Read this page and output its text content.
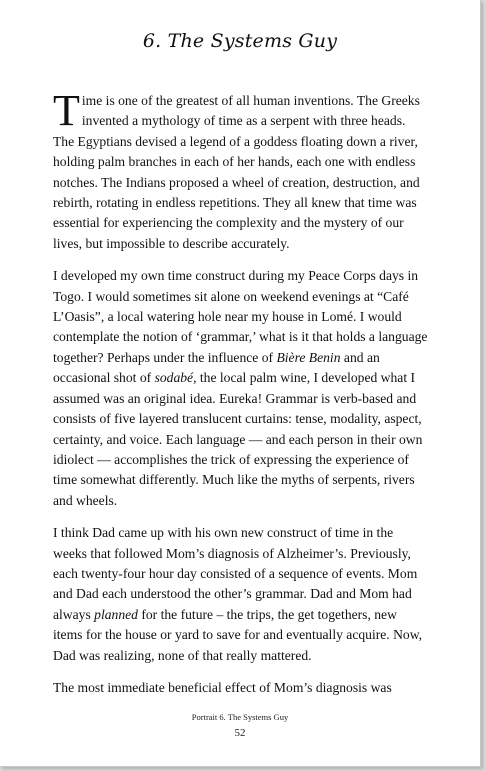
6. The Systems Guy

Time is one of the greatest of all human inventions. The Greeks invented a mythology of time as a serpent with three heads. The Egyptians devised a legend of a goddess floating down a river, holding palm branches in each of her hands, each one with endless notches. The Indians proposed a wheel of creation, destruction, and rebirth, rotating in endless repetitions. They all knew that time was essential for experiencing the complexity and the mystery of our lives, but impossible to describe accurately.

I developed my own time construct during my Peace Corps days in Togo. I would sometimes sit alone on weekend evenings at “Café L’Oasis”, a local watering hole near my house in Lomé. I would contemplate the notion of ‘grammar,’ what is it that holds a language together? Perhaps under the influence of Bière Benin and an occasional shot of sodabé, the local palm wine, I developed what I assumed was an original idea. Eureka! Grammar is verb-based and consists of five layered translucent curtains: tense, modality, aspect, certainty, and voice. Each language — and each person in their own idiolect — accomplishes the trick of expressing the experience of time somewhat differently. Much like the myths of serpents, rivers and wheels.

I think Dad came up with his own new construct of time in the weeks that followed Mom’s diagnosis of Alzheimer’s. Previously, each twenty-four hour day consisted of a sequence of events. Mom and Dad each understood the other’s grammar. Dad and Mom had always planned for the future – the trips, the get togethers, new items for the house or yard to save for and eventually acquire. Now, Dad was realizing, none of that really mattered.

The most immediate beneficial effect of Mom’s diagnosis was

Portrait 6. The Systems Guy
52
